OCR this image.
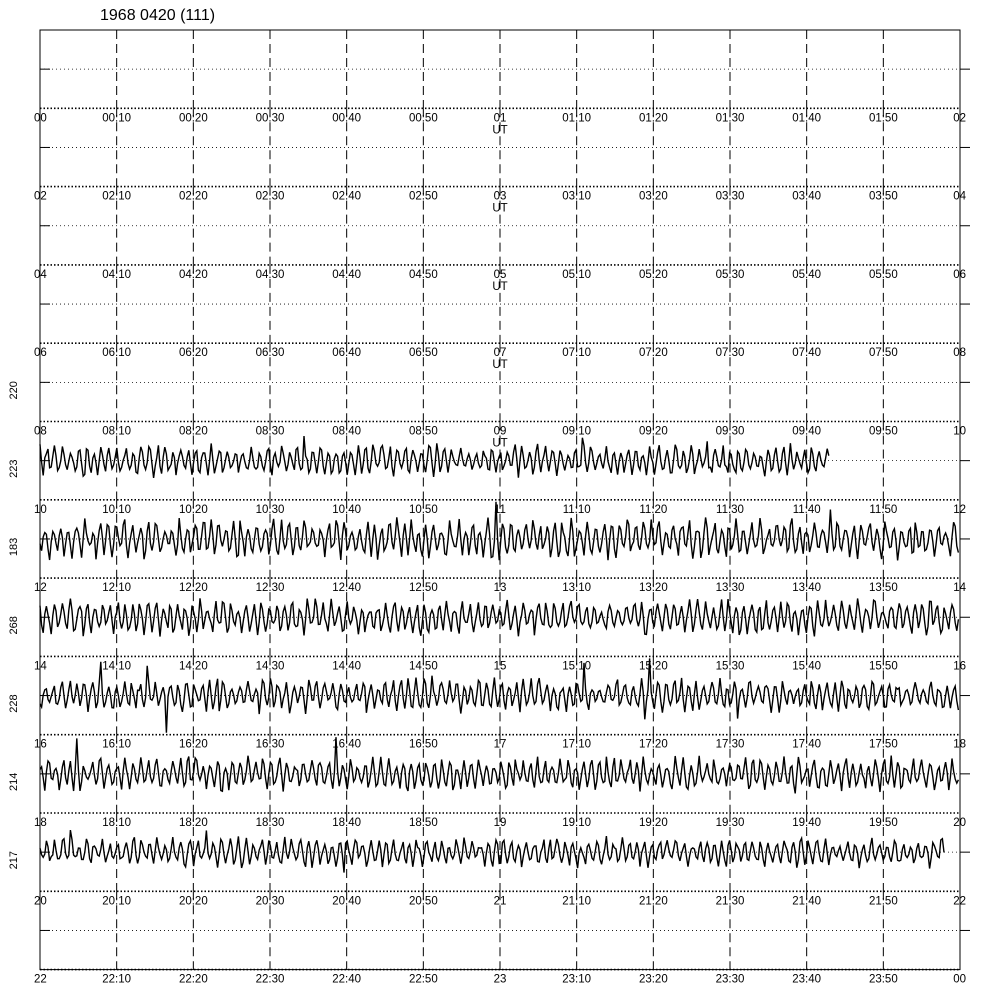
1968 0420 (111)
00	00:10	00:20	00:30	00:40	00:50	01	01:10	01:20	01:30	01:40	01:50	02
UT
02	02:10	02:20	02:30	02:40	02:50	03	03:10	03:20	03:30	03:40	03:50	04
UT
04	04:10	04:20	04:30	04:40	04:50	05	05:10	05:20	05:30	05:40	05:50	06
UT
06	06:10	06:20	06:30	06:40	06:50	07	07:10	07:20	07:30	07:40	07:50	08
UT
08	08:10	08:20	08:30	08:40	08:50	09	09:10	09:20	09:30	09:40	09:50	10
UT
220
10	10:10	10:20	10:30	10:40	10:50	11	11:10	11:20	11:30	11:40	11:50	12
223
12	12:10	12:20	12:30	12:40	12:50	13	13:10	13:20	13:30	13:40	13:50	14
183
14	14:10	14:20	14:30	14:40	14:50	15	15:10	15:20	15:30	15:40	15:50	16
268
16	16:10	16:20	16:30	16:40	16:50	17	17:10	17:20	17:30	17:40	17:50	18
228
18	18:10	18:20	18:30	18:40	18:50	19	19:10	19:20	19:30	19:40	19:50	20
214
20	20:10	20:20	20:30	20:40	20:50	21	21:10	21:20	21:30	21:40	21:50	22
217
22	22:10	22:20	22:30	22:40	22:50	23	23:10	23:20	23:30	23:40	23:50	00
